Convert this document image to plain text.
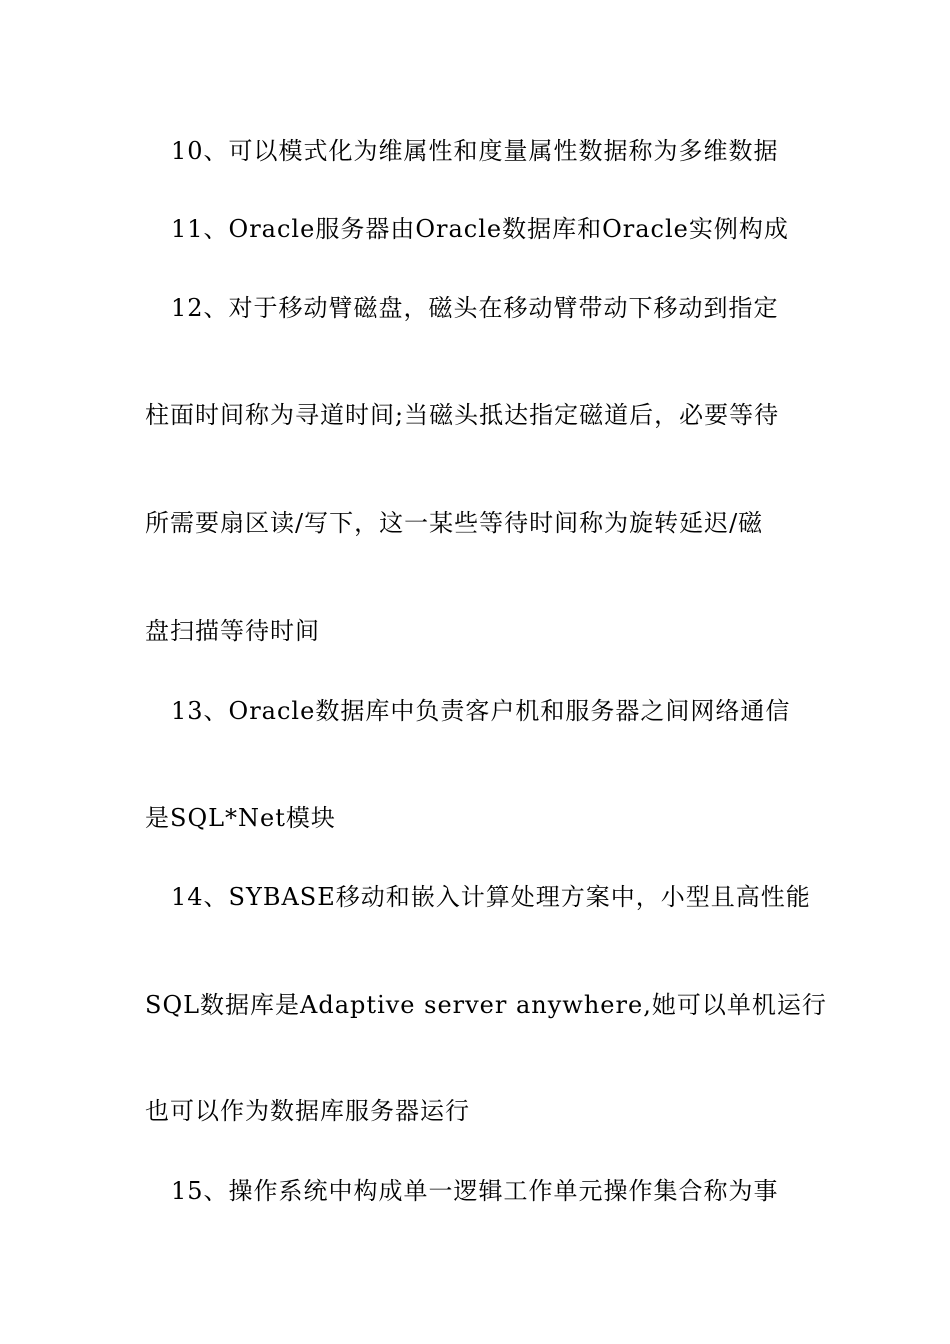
10、可以模式化为维属性和度量属性数据称为多维数据
11、Oracle服务器由Oracle数据库和Oracle实例构成
12、对于移动臂磁盘，磁头在移动臂带动下移动到指定
柱面时间称为寻道时间;当磁头抵达指定磁道后，必要等待
所需要扇区读/写下，这一某些等待时间称为旋转延迟/磁
盘扫描等待时间
13、Oracle数据库中负责客户机和服务器之间网络通信
是SQL*Net模块
14、SYBASE移动和嵌入计算处理方案中，小型且高性能
SQL数据库是Adaptive server anywhere,她可以单机运行
也可以作为数据库服务器运行
15、操作系统中构成单一逻辑工作单元操作集合称为事
